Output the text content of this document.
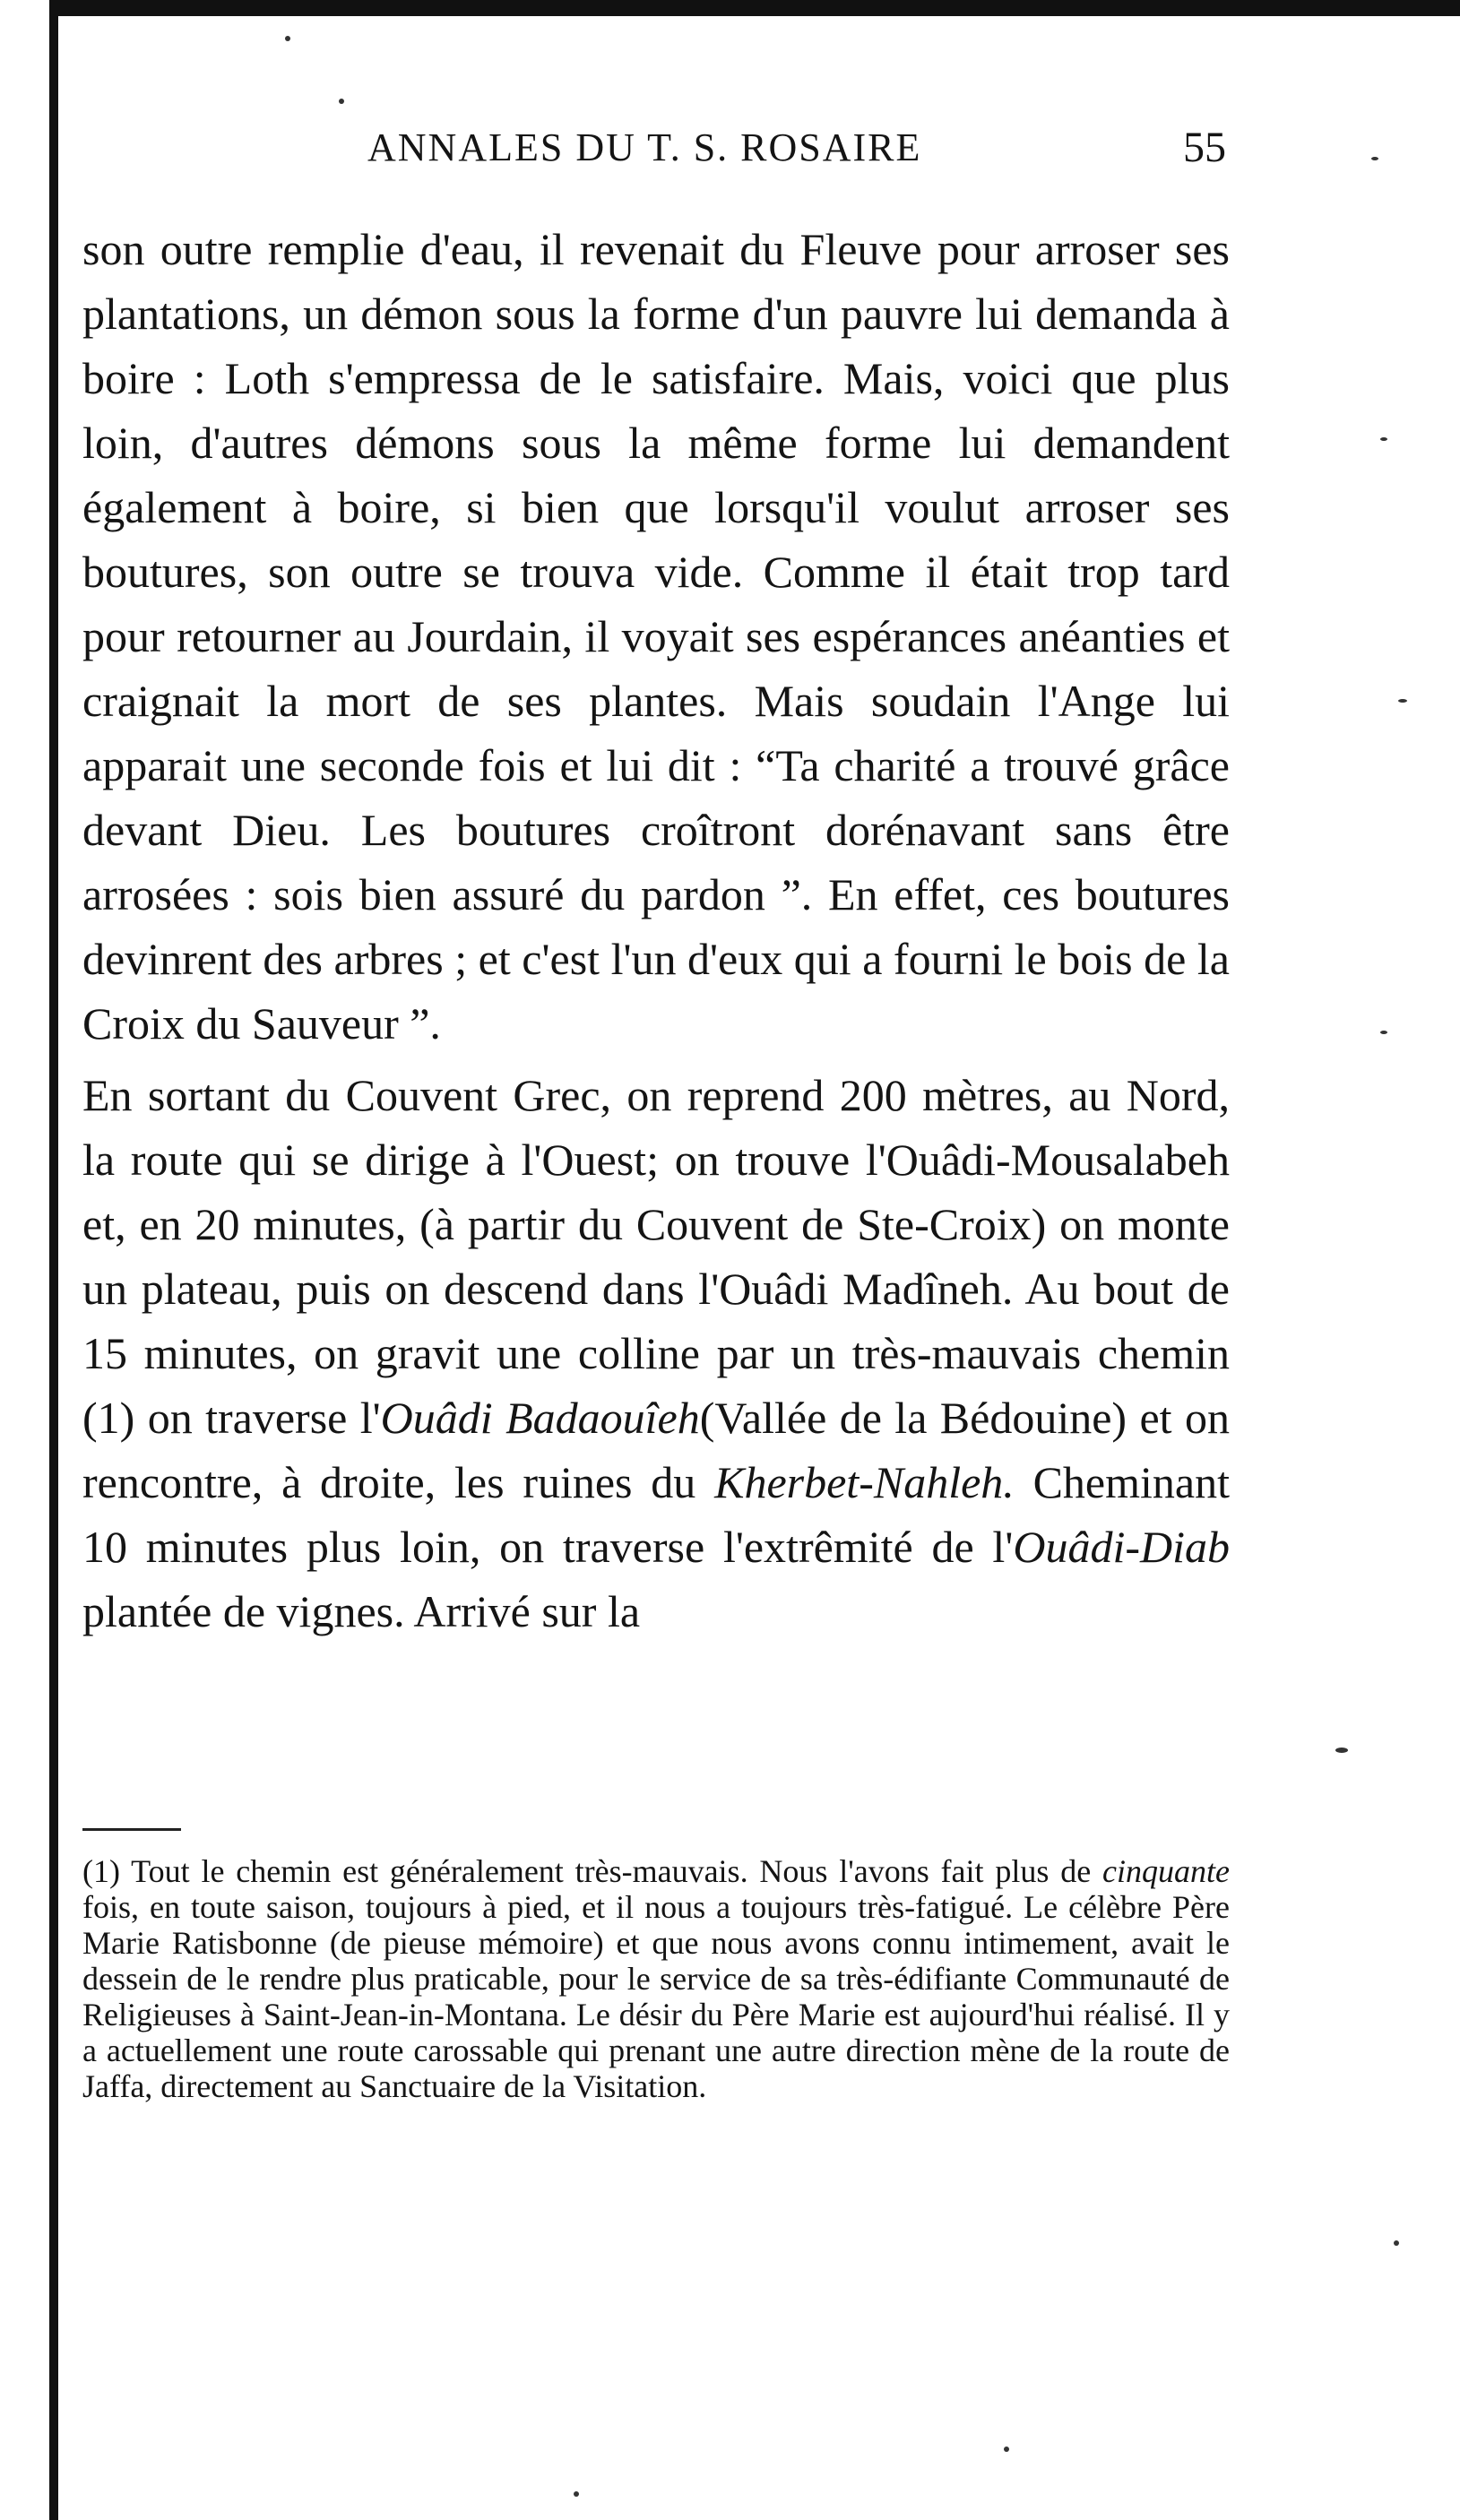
ANNALES DU T. S. ROSAIRE	55

son outre remplie d'eau, il revenait du Fleuve pour arroser ses plantations, un démon sous la forme d'un pauvre lui demanda à boire : Loth s'empressa de le satisfaire. Mais, voici que plus loin, d'autres démons sous la même forme lui demandent également à boire, si bien que lorsqu'il voulut arroser ses boutures, son outre se trouva vide. Comme il était trop tard pour retourner au Jourdain, il voyait ses espérances anéanties et craignait la mort de ses plantes. Mais soudain l'Ange lui apparait une seconde fois et lui dit : “Ta charité a trouvé grâce devant Dieu. Les boutures croîtront dorénavant sans être arrosées : sois bien assuré du pardon ”. En effet, ces boutures devinrent des arbres ; et c'est l'un d'eux qui a fourni le bois de la Croix du Sauveur ”.

En sortant du Couvent Grec, on reprend 200 mètres, au Nord, la route qui se dirige à l'Ouest; on trouve l'Ouâdi-Mousalabeh et, en 20 minutes, (à partir du Couvent de Ste-Croix) on monte un plateau, puis on descend dans l'Ouâdi Madîneh. Au bout de 15 minutes, on gravit une colline par un très-mauvais chemin (1) on traverse l'Ouâdi Badaouîeh(Vallée de la Bédouine) et on rencontre, à droite, les ruines du Kherbet-Nahleh. Cheminant 10 minutes plus loin, on traverse l'extrêmité de l'Ouâdi-Diab plantée de vignes. Arrivé sur la

(1) Tout le chemin est généralement très-mauvais. Nous l'avons fait plus de cinquante fois, en toute saison, toujours à pied, et il nous a toujours très-fatigué. Le célèbre Père Marie Ratisbonne (de pieuse mémoire) et que nous avons connu intimement, avait le dessein de le rendre plus praticable, pour le service de sa très-édifiante Communauté de Religieuses à Saint-Jean-in-Montana. Le désir du Père Marie est aujourd'hui réalisé. Il y a actuellement une route carossable qui prenant une autre direction mène de la route de Jaffa, directement au Sanctuaire de la Visitation.
